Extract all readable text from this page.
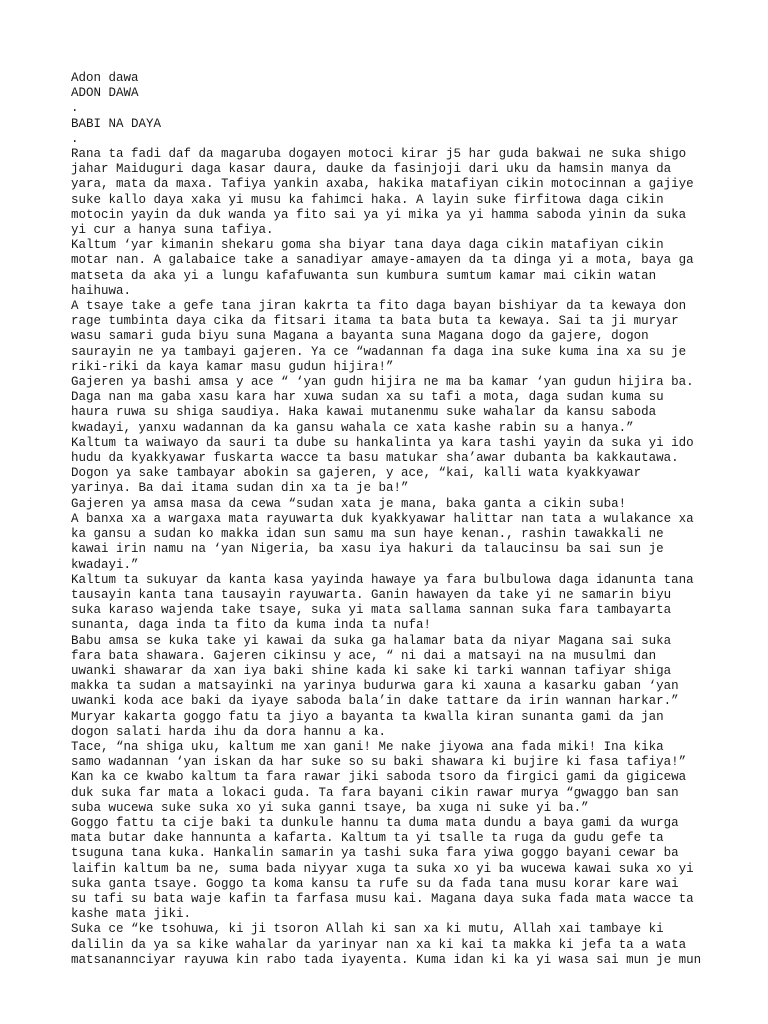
Adon dawa
ADON DAWA
.
BABI NA DAYA
.
Rana ta fadi daf da magaruba dogayen motoci kirar j5 har guda bakwai ne suka shigo
jahar Maiduguri daga kasar daura, dauke da fasinjoji dari uku da hamsin manya da
yara, mata da maxa. Tafiya yankin axaba, hakika matafiyan cikin motocinnan a gajiye
suke kallo daya xaka yi musu ka fahimci haka. A layin suke firfitowa daga cikin
motocin yayin da duk wanda ya fito sai ya yi mika ya yi hamma saboda yinin da suka
yi cur a hanya suna tafiya.
Kaltum ‘yar kimanin shekaru goma sha biyar tana daya daga cikin matafiyan cikin
motar nan. A galabaice take a sanadiyar amaye-amayen da ta dinga yi a mota, baya ga
matseta da aka yi a lungu kafafuwanta sun kumbura sumtum kamar mai cikin watan
haihuwa.
A tsaye take a gefe tana jiran kakrta ta fito daga bayan bishiyar da ta kewaya don
rage tumbinta daya cika da fitsari itama ta bata buta ta kewaya. Sai ta ji muryar
wasu samari guda biyu suna Magana a bayanta suna Magana dogo da gajere, dogon
saurayin ne ya tambayi gajeren. Ya ce “wadannan fa daga ina suke kuma ina xa su je
riki-riki da kaya kamar masu gudun hijira!”
Gajeren ya bashi amsa y ace “ ‘yan gudn hijira ne ma ba kamar ‘yan gudun hijira ba.
Daga nan ma gaba xasu kara har xuwa sudan xa su tafi a mota, daga sudan kuma su
haura ruwa su shiga saudiya. Haka kawai mutanenmu suke wahalar da kansu saboda
kwadayi, yanxu wadannan da ka gansu wahala ce xata kashe rabin su a hanya.”
Kaltum ta waiwayo da sauri ta dube su hankalinta ya kara tashi yayin da suka yi ido
hudu da kyakkyawar fuskarta wacce ta basu matukar sha’awar dubanta ba kakkautawa.
Dogon ya sake tambayar abokin sa gajeren, y ace, “kai, kalli wata kyakkyawar
yarinya. Ba dai itama sudan din xa ta je ba!”
Gajeren ya amsa masa da cewa “sudan xata je mana, baka ganta a cikin suba!
A banxa xa a wargaxa mata rayuwarta duk kyakkyawar halittar nan tata a wulakance xa
ka gansu a sudan ko makka idan sun samu ma sun haye kenan., rashin tawakkali ne
kawai irin namu na ‘yan Nigeria, ba xasu iya hakuri da talaucinsu ba sai sun je
kwadayi.”
Kaltum ta sukuyar da kanta kasa yayinda hawaye ya fara bulbulowa daga idanunta tana
tausayin kanta tana tausayin rayuwarta. Ganin hawayen da take yi ne samarin biyu
suka karaso wajenda take tsaye, suka yi mata sallama sannan suka fara tambayarta
sunanta, daga inda ta fito da kuma inda ta nufa!
Babu amsa se kuka take yi kawai da suka ga halamar bata da niyar Magana sai suka
fara bata shawara. Gajeren cikinsu y ace, “ ni dai a matsayi na na musulmi dan
uwanki shawarar da xan iya baki shine kada ki sake ki tarki wannan tafiyar shiga
makka ta sudan a matsayinki na yarinya budurwa gara ki xauna a kasarku gaban ‘yan
uwanki koda ace baki da iyaye saboda bala’in dake tattare da irin wannan harkar.”
Muryar kakarta goggo fatu ta jiyo a bayanta ta kwalla kiran sunanta gami da jan
dogon salati harda ihu da dora hannu a ka.
Tace, “na shiga uku, kaltum me xan gani! Me nake jiyowa ana fada miki! Ina kika
samo wadannan ‘yan iskan da har suke so su baki shawara ki bujire ki fasa tafiya!”
Kan ka ce kwabo kaltum ta fara rawar jiki saboda tsoro da firgici gami da gigicewa
duk suka far mata a lokaci guda. Ta fara bayani cikin rawar murya “gwaggo ban san
suba wucewa suke suka xo yi suka ganni tsaye, ba xuga ni suke yi ba.”
Goggo fattu ta cije baki ta dunkule hannu ta duma mata dundu a baya gami da wurga
mata butar dake hannunta a kafarta. Kaltum ta yi tsalle ta ruga da gudu gefe ta
tsuguna tana kuka. Hankalin samarin ya tashi suka fara yiwa goggo bayani cewar ba
laifin kaltum ba ne, suma bada niyyar xuga ta suka xo yi ba wucewa kawai suka xo yi
suka ganta tsaye. Goggo ta koma kansu ta rufe su da fada tana musu korar kare wai
su tafi su bata waje kafin ta farfasa musu kai. Magana daya suka fada mata wacce ta
kashe mata jiki.
Suka ce “ke tsohuwa, ki ji tsoron Allah ki san xa ki mutu, Allah xai tambaye ki
dalilin da ya sa kike wahalar da yarinyar nan xa ki kai ta makka ki jefa ta a wata
matsanannciyar rayuwa kin rabo tada iyayenta. Kuma idan ki ka yi wasa sai mun je mun
